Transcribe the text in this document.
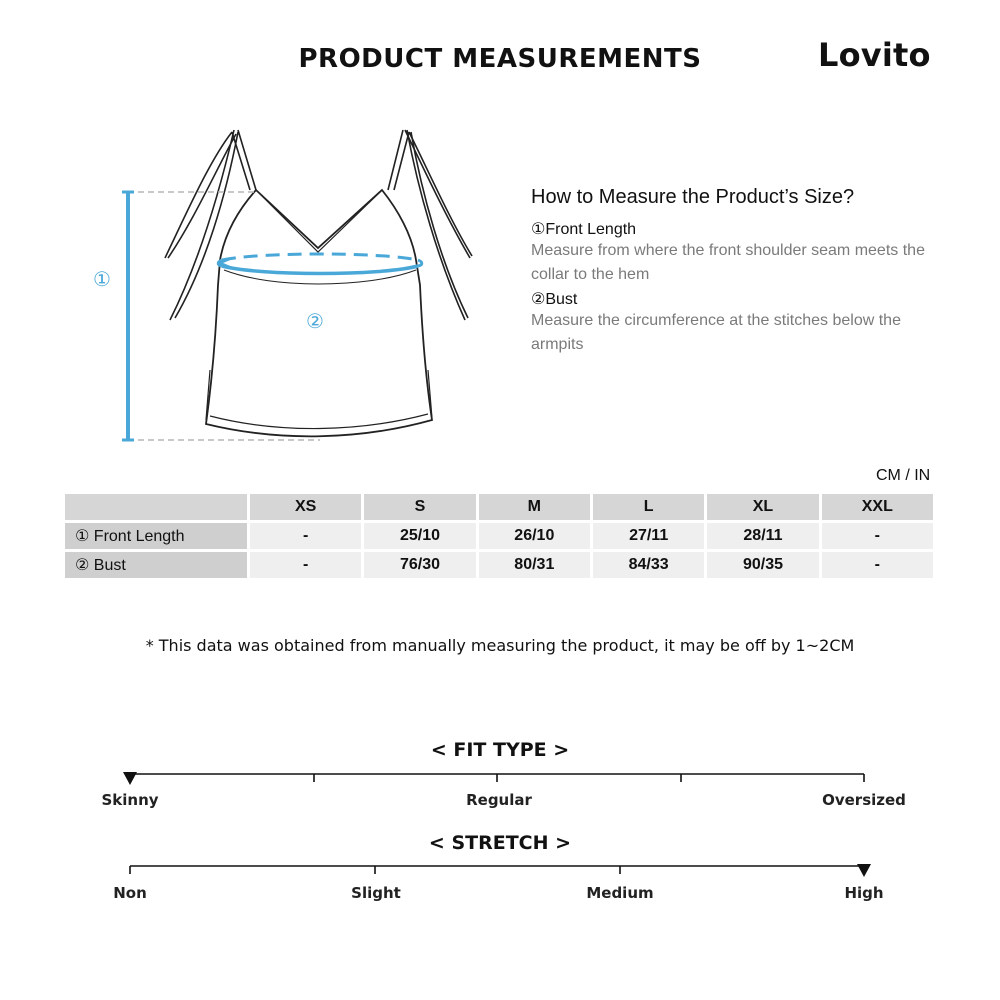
PRODUCT MEASUREMENTS	Lovito
①
②
How to Measure the Product’s Size?
①Front Length
Measure from where the front shoulder seam meets the collar to the hem
②Bust
Measure the circumference at the stitches below the armpits
CM / IN
	XS	S	M	L	XL	XXL
① Front Length	-	25/10	26/10	27/11	28/11	-
② Bust	-	76/30	80/31	84/33	90/35	-
* This data was obtained from manually measuring the product, it may be off by 1~2CM
< FIT TYPE >
Skinny	Regular	Oversized
< STRETCH >
Non	Slight	Medium	High
